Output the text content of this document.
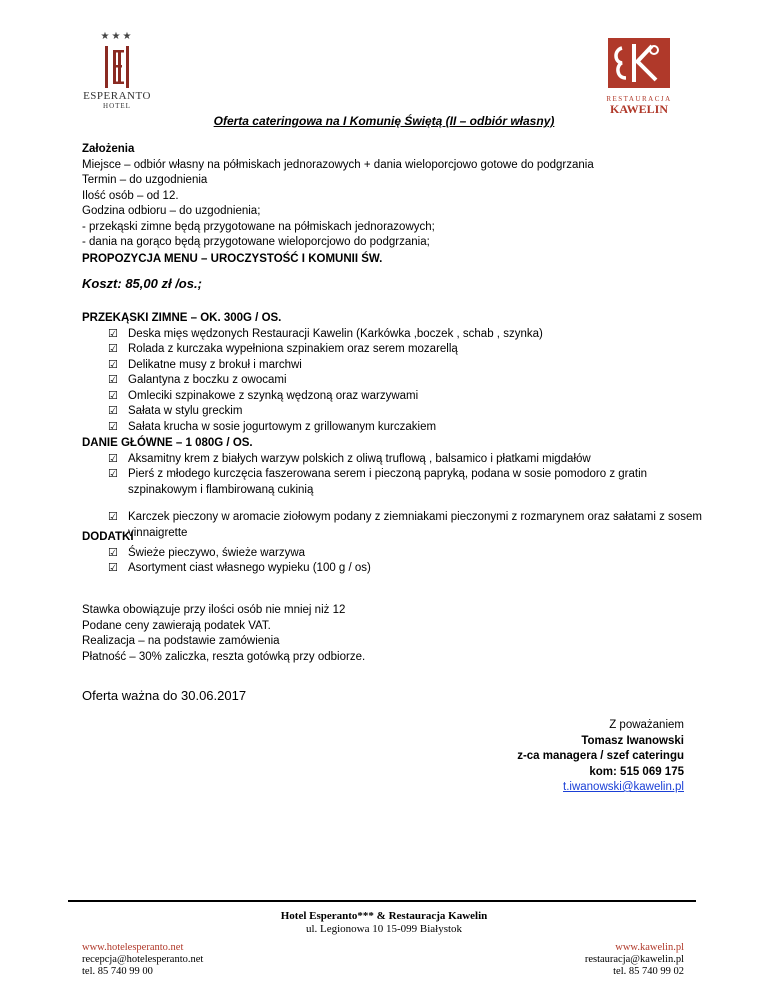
★★★
ESPERANTO
HOTEL
RESTAURACJA
KAWELIN
Oferta cateringowa na I Komunię Świętą (II – odbiór własny)
Założenia
Miejsce – odbiór własny na półmiskach jednorazowych + dania wieloporcjowo gotowe do podgrzania
Termin – do uzgodnienia
Ilość osób – od 12.
Godzina odbioru – do uzgodnienia;
- przekąski zimne będą przygotowane na półmiskach jednorazowych;
- dania na gorąco będą przygotowane wieloporcjowo do podgrzania;
PROPOZYCJA MENU – UROCZYSTOŚĆ I KOMUNII ŚW.
Koszt: 85,00 zł /os.;
PRZEKĄSKI ZIMNE – OK. 300G / OS.
☑ Deska mięs wędzonych Restauracji Kawelin (Karkówka ,boczek , schab , szynka)
☑ Rolada z kurczaka wypełniona szpinakiem oraz serem mozarellą
☑ Delikatne musy z brokuł i marchwi
☑ Galantyna z boczku z owocami
☑ Omleciki szpinakowe z szynką wędzoną oraz warzywami
☑ Sałata w stylu greckim
☑ Sałata krucha w sosie jogurtowym z grillowanym kurczakiem
DANIE GŁÓWNE – 1 080G / OS.
☑ Aksamitny krem z białych warzyw polskich z oliwą truflową , balsamico i płatkami migdałów
☑ Pierś z młodego kurczęcia faszerowana serem i pieczoną papryką, podana w sosie pomodoro z gratin szpinakowym i flambirowaną cukinią
☑ Karczek pieczony w aromacie ziołowym podany z ziemniakami pieczonymi z rozmarynem oraz sałatami z sosem vinnaigrette
DODATKI
☑ Świeże pieczywo, świeże warzywa
☑ Asortyment ciast własnego wypieku (100 g / os)
Stawka obowiązuje przy ilości osób nie mniej niż 12
Podane ceny zawierają podatek VAT.
Realizacja – na podstawie zamówienia
Płatność – 30% zaliczka, reszta gotówką przy odbiorze.
Oferta ważna do 30.06.2017
Z poważaniem
Tomasz Iwanowski
z-ca managera / szef cateringu
kom: 515 069 175
t.iwanowski@kawelin.pl
Hotel Esperanto*** & Restauracja Kawelin
ul. Legionowa 10 15-099 Białystok
www.hotelesperanto.net
recepcja@hotelesperanto.net
tel. 85 740 99 00
www.kawelin.pl
restauracja@kawelin.pl
tel. 85 740 99 02
